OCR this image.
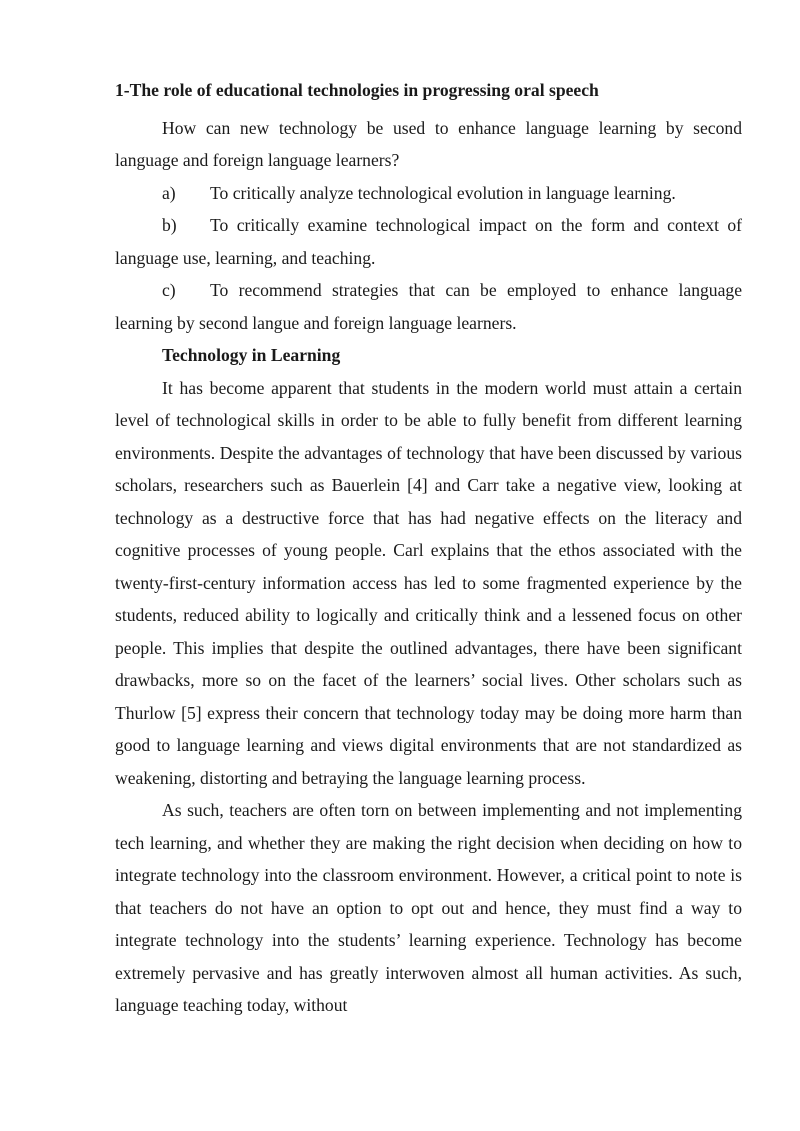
1-The role of educational technologies in progressing oral speech

How can new technology be used to enhance language learning by second language and foreign language learners?

a) To critically analyze technological evolution in language learning.

b) To critically examine technological impact on the form and context of language use, learning, and teaching.

c) To recommend strategies that can be employed to enhance language learning by second langue and foreign language learners.

Technology in Learning

It has become apparent that students in the modern world must attain a certain level of technological skills in order to be able to fully benefit from different learning environments. Despite the advantages of technology that have been discussed by various scholars, researchers such as Bauerlein [4] and Carr take a negative view, looking at technology as a destructive force that has had negative effects on the literacy and cognitive processes of young people. Carl explains that the ethos associated with the twenty-first-century information access has led to some fragmented experience by the students, reduced ability to logically and critically think and a lessened focus on other people. This implies that despite the outlined advantages, there have been significant drawbacks, more so on the facet of the learners’ social lives. Other scholars such as Thurlow [5] express their concern that technology today may be doing more harm than good to language learning and views digital environments that are not standardized as weakening, distorting and betraying the language learning process.

As such, teachers are often torn on between implementing and not implementing tech learning, and whether they are making the right decision when deciding on how to integrate technology into the classroom environment. However, a critical point to note is that teachers do not have an option to opt out and hence, they must find a way to integrate technology into the students’ learning experience. Technology has become extremely pervasive and has greatly interwoven almost all human activities. As such, language teaching today, without
